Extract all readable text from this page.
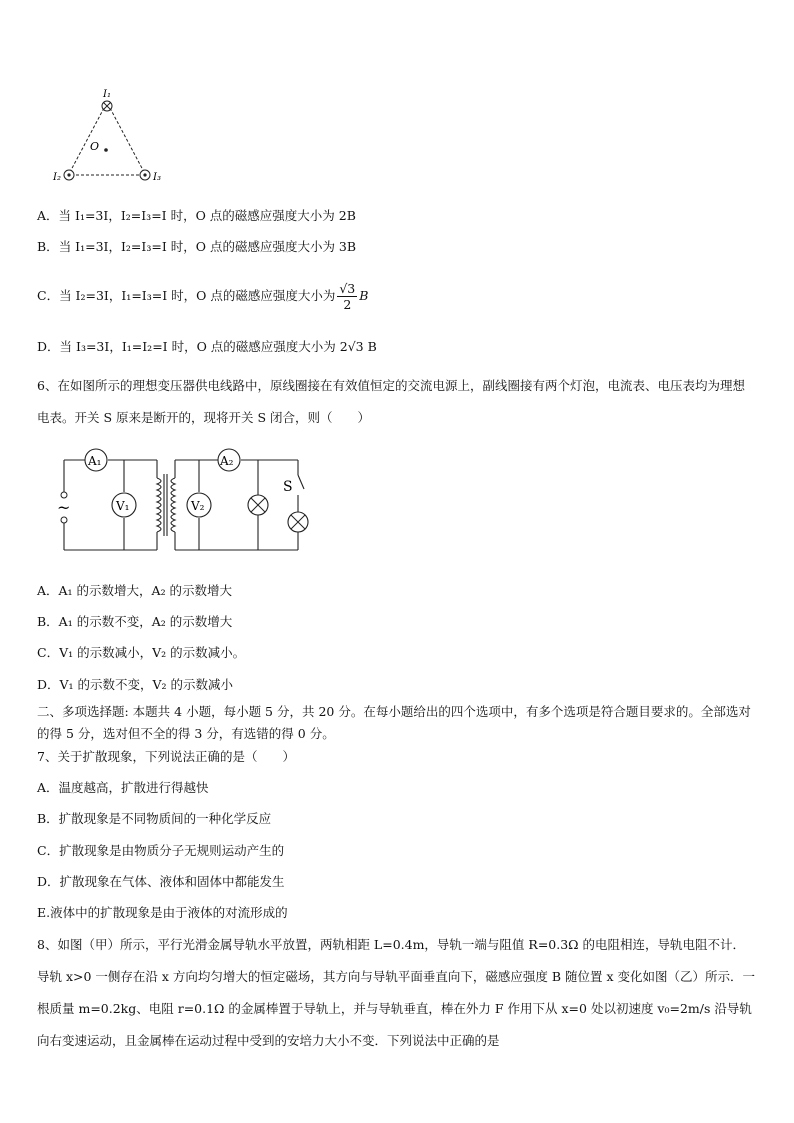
I₁
O
I₂	I₃
A．当 I₁=3I，I₂=I₃=I 时，O 点的磁感应强度大小为 2B
B．当 I₁=3I，I₂=I₃=I 时，O 点的磁感应强度大小为 3B
C．当 I₂=3I，I₁=I₃=I 时，O 点的磁感应强度大小为 $\frac{√3}{2}$ B
D．当 I₃=3I，I₁=I₂=I 时，O 点的磁感应强度大小为 2√3 B
6、在如图所示的理想变压器供电线路中，原线圈接在有效值恒定的交流电源上，副线圈接有两个灯泡，电流表、电压表均为理想电表。开关 S 原来是断开的，现将开关 S 闭合，则（　　）
~
A₁
V₁
A₂
V₂
S
A．A₁ 的示数增大，A₂ 的示数增大
B．A₁ 的示数不变，A₂ 的示数增大
C．V₁ 的示数减小，V₂ 的示数减小。
D．V₁ 的示数不变，V₂ 的示数减小
二、多项选择题: 本题共 4 小题，每小题 5 分，共 20 分。在每小题给出的四个选项中，有多个选项是符合题目要求的。全部选对的得 5 分，选对但不全的得 3 分，有选错的得 0 分。
7、关于扩散现象，下列说法正确的是（　　）
A．温度越高，扩散进行得越快
B．扩散现象是不同物质间的一种化学反应
C．扩散现象是由物质分子无规则运动产生的
D．扩散现象在气体、液体和固体中都能发生
E.液体中的扩散现象是由于液体的对流形成的
8、如图（甲）所示，平行光滑金属导轨水平放置，两轨相距 L=0.4m，导轨一端与阻值 R=0.3Ω 的电阻相连，导轨电阻不计．导轨 x>0 一侧存在沿 x 方向均匀增大的恒定磁场，其方向与导轨平面垂直向下，磁感应强度 B 随位置 x 变化如图（乙）所示．一根质量 m=0.2kg、电阻 r=0.1Ω 的金属棒置于导轨上，并与导轨垂直，棒在外力 F 作用下从 x=0 处以初速度 v₀=2m/s 沿导轨向右变速运动，且金属棒在运动过程中受到的安培力大小不变．下列说法中正确的是
